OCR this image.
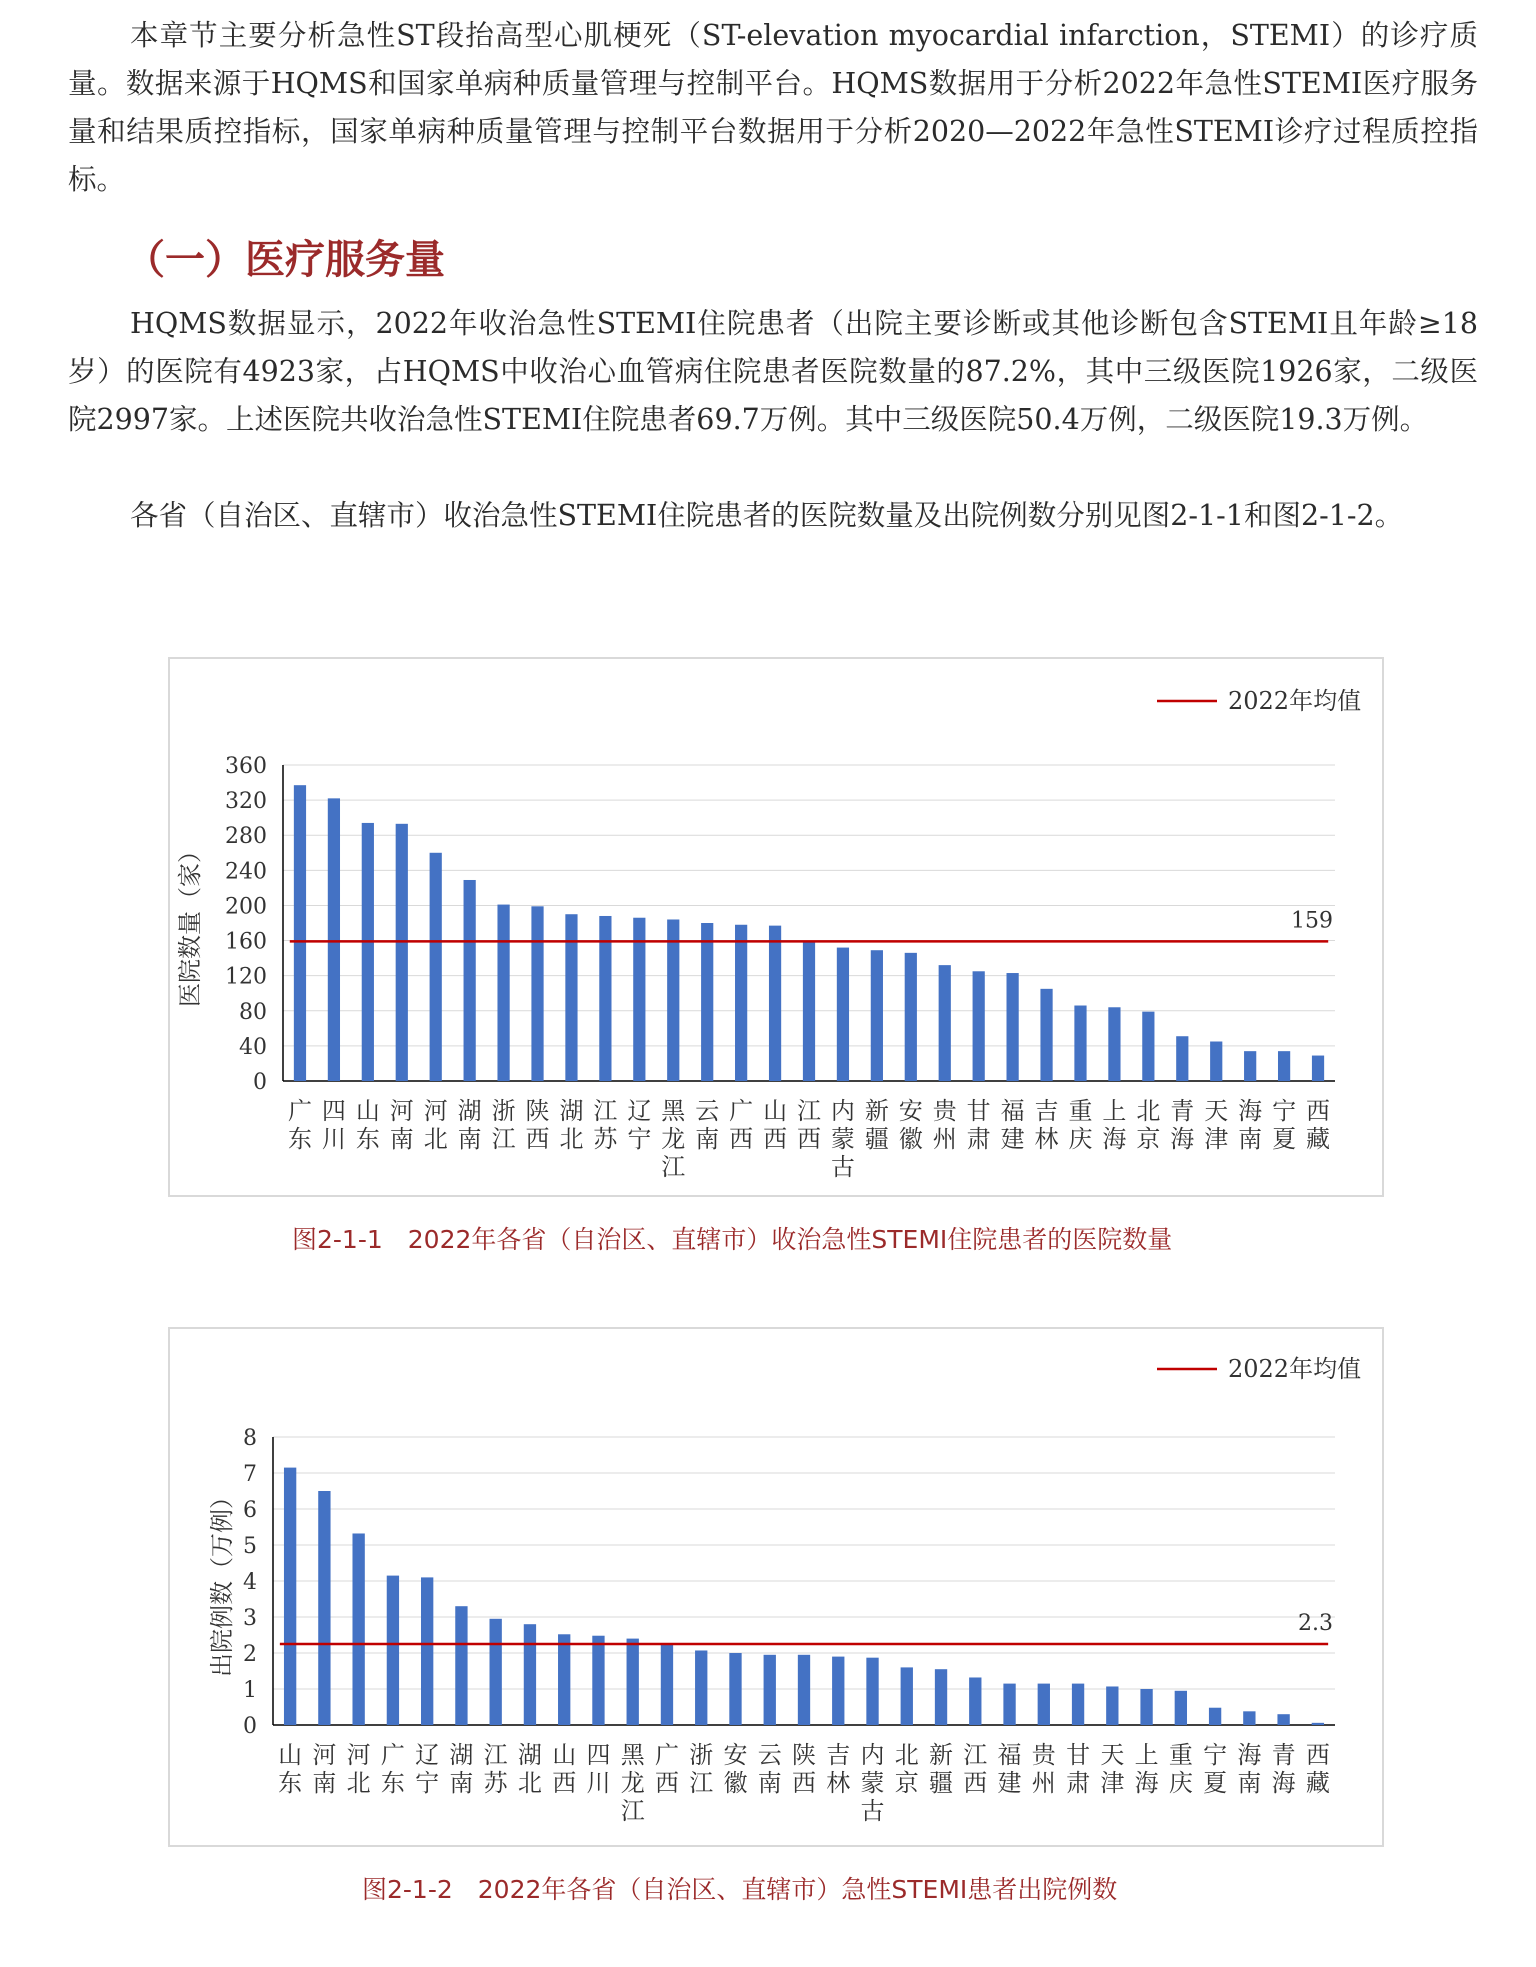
本章节主要分析急性ST段抬高型心肌梗死（ST-elevation myocardial infarction，STEMI）的诊疗质量。数据来源于HQMS和国家单病种质量管理与控制平台。HQMS数据用于分析2022年急性STEMI医疗服务量和结果质控指标，国家单病种质量管理与控制平台数据用于分析2020—2022年急性STEMI诊疗过程质控指标。

（一）医疗服务量

HQMS数据显示，2022年收治急性STEMI住院患者（出院主要诊断或其他诊断包含STEMI且年龄≥18岁）的医院有4923家，占HQMS中收治心血管病住院患者医院数量的87.2%，其中三级医院1926家，二级医院2997家。上述医院共收治急性STEMI住院患者69.7万例。其中三级医院50.4万例，二级医院19.3万例。

各省（自治区、直辖市）收治急性STEMI住院患者的医院数量及出院例数分别见图2-1-1和图2-1-2。

0
40
80
120
160
200
240
280
320
360
医院数量（家）
广
东
四
川
山
东
河
南
河
北
湖
南
浙
江
陕
西
湖
北
江
苏
辽
宁
黑
龙
江
云
南
广
西
山
西
江
西
内
蒙
古
新
疆
安
徽
贵
州
甘
肃
福
建
吉
林
重
庆
上
海
北
京
青
海
天
津
海
南
宁
夏
西
藏
159
2022年均值

图2-1-1　2022年各省（自治区、直辖市）收治急性STEMI住院患者的医院数量

0
1
2
3
4
5
6
7
8
出院例数（万例）
山
东
河
南
河
北
广
东
辽
宁
湖
南
江
苏
湖
北
山
西
四
川
黑
龙
江
广
西
浙
江
安
徽
云
南
陕
西
吉
林
内
蒙
古
北
京
新
疆
江
西
福
建
贵
州
甘
肃
天
津
上
海
重
庆
宁
夏
海
南
青
海
西
藏
2.3
2022年均值

图2-1-2　2022年各省（自治区、直辖市）急性STEMI患者出院例数
